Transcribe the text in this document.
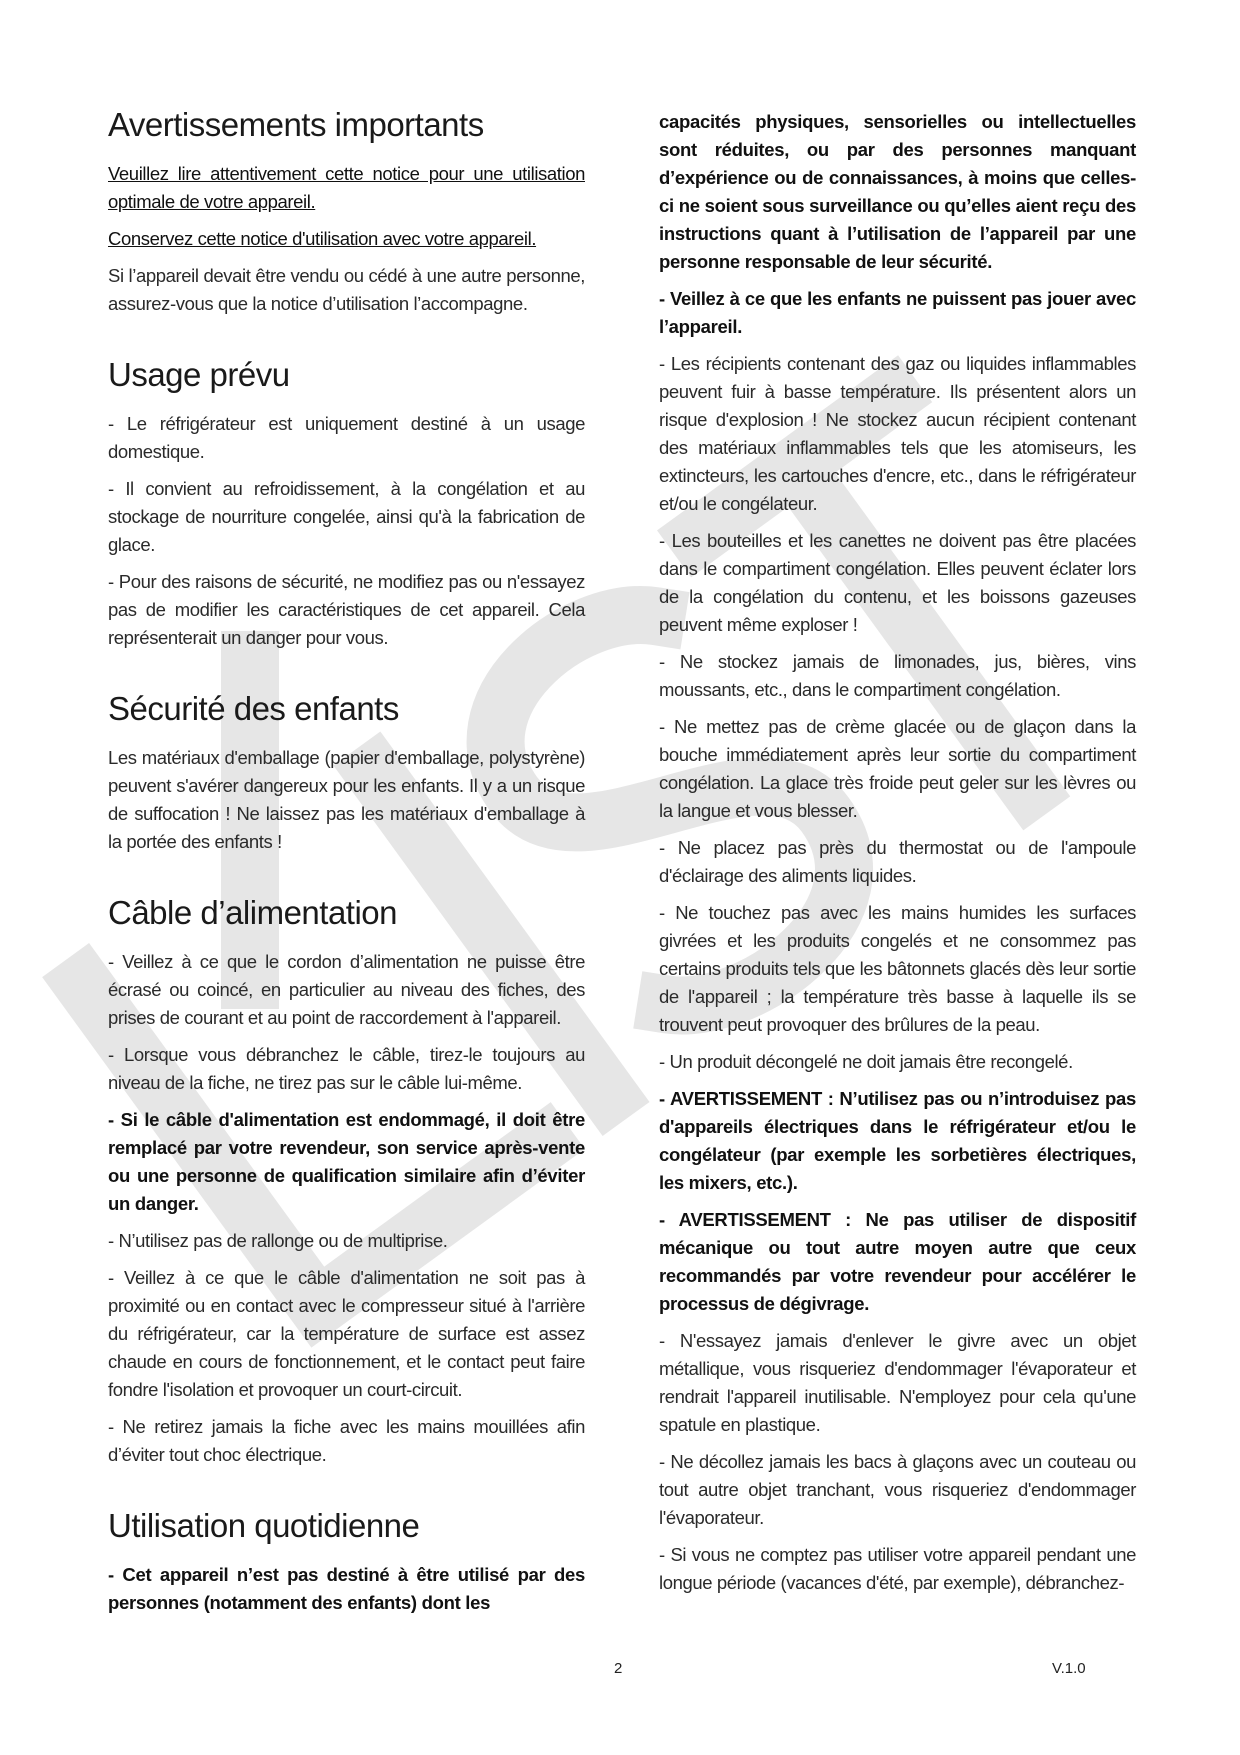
Avertissements importants

Veuillez lire attentivement cette notice pour une utilisation optimale de votre appareil.

Conservez cette notice d'utilisation avec votre appareil.

Si l’appareil devait être vendu ou cédé à une autre personne, assurez-vous que la notice d’utilisation l’accompagne.

Usage prévu

- Le réfrigérateur est uniquement destiné à un usage domestique.

- Il convient au refroidissement, à la congélation et au stockage de nourriture congelée, ainsi qu'à la fabrication de glace.

- Pour des raisons de sécurité, ne modifiez pas ou n'essayez pas de modifier les caractéristiques de cet appareil. Cela représenterait un danger pour vous.

Sécurité des enfants

Les matériaux d'emballage (papier d'emballage, polystyrène) peuvent s'avérer dangereux pour les enfants. Il y a un risque de suffocation ! Ne laissez pas les matériaux d'emballage à la portée des enfants !

Câble d’alimentation

- Veillez à ce que le cordon d’alimentation ne puisse être écrasé ou coincé, en particulier au niveau des fiches, des prises de courant et au point de raccordement à l'appareil.

- Lorsque vous débranchez le câble, tirez-le toujours au niveau de la fiche, ne tirez pas sur le câble lui-même.

- Si le câble d'alimentation est endommagé, il doit être remplacé par votre revendeur, son service après-vente ou une personne de qualification similaire afin d’éviter un danger.

- N’utilisez pas de rallonge ou de multiprise.

- Veillez à ce que le câble d'alimentation ne soit pas à proximité ou en contact avec le compresseur situé à l'arrière du réfrigérateur, car la température de surface est assez chaude en cours de fonctionnement, et le contact peut faire fondre l'isolation et provoquer un court-circuit.

- Ne retirez jamais la fiche avec les mains mouillées afin d’éviter tout choc électrique.

Utilisation quotidienne

- Cet appareil n’est pas destiné à être utilisé par des personnes (notamment des enfants) dont les

capacités physiques, sensorielles ou intellectuelles sont réduites, ou par des personnes manquant d’expérience ou de connaissances, à moins que celles-ci ne soient sous surveillance ou qu’elles aient reçu des instructions quant à l’utilisation de l’appareil par une personne responsable de leur sécurité.

- Veillez à ce que les enfants ne puissent pas jouer avec l’appareil.

- Les récipients contenant des gaz ou liquides inflammables peuvent fuir à basse température. Ils présentent alors un risque d'explosion ! Ne stockez aucun récipient contenant des matériaux inflammables tels que les atomiseurs, les extincteurs, les cartouches d'encre, etc., dans le réfrigérateur et/ou le congélateur.

- Les bouteilles et les canettes ne doivent pas être placées dans le compartiment congélation. Elles peuvent éclater lors de la congélation du contenu, et les boissons gazeuses peuvent même exploser !

- Ne stockez jamais de limonades, jus, bières, vins moussants, etc., dans le compartiment congélation.

- Ne mettez pas de crème glacée ou de glaçon dans la bouche immédiatement après leur sortie du compartiment congélation. La glace très froide peut geler sur les lèvres ou la langue et vous blesser.

- Ne placez pas près du thermostat ou de l'ampoule d'éclairage des aliments liquides.

- Ne touchez pas avec les mains humides les surfaces givrées et les produits congelés et ne consommez pas certains produits tels que les bâtonnets glacés dès leur sortie de l'appareil ; la température très basse à laquelle ils se trouvent peut provoquer des brûlures de la peau.

- Un produit décongelé ne doit jamais être recongelé.

- AVERTISSEMENT : N’utilisez pas ou n’introduisez pas d'appareils électriques dans le réfrigérateur et/ou le congélateur (par exemple les sorbetières électriques, les mixers, etc.).

- AVERTISSEMENT : Ne pas utiliser de dispositif mécanique ou tout autre moyen autre que ceux recommandés par votre revendeur pour accélérer le processus de dégivrage.

- N'essayez jamais d'enlever le givre avec un objet métallique, vous risqueriez d'endommager l'évaporateur et rendrait l'appareil inutilisable. N'employez pour cela qu'une spatule en plastique.

- Ne décollez jamais les bacs à glaçons avec un couteau ou tout autre objet tranchant, vous risqueriez d'endommager l'évaporateur.

- Si vous ne comptez pas utiliser votre appareil pendant une longue période (vacances d'été, par exemple), débranchez-

2	V.1.0
